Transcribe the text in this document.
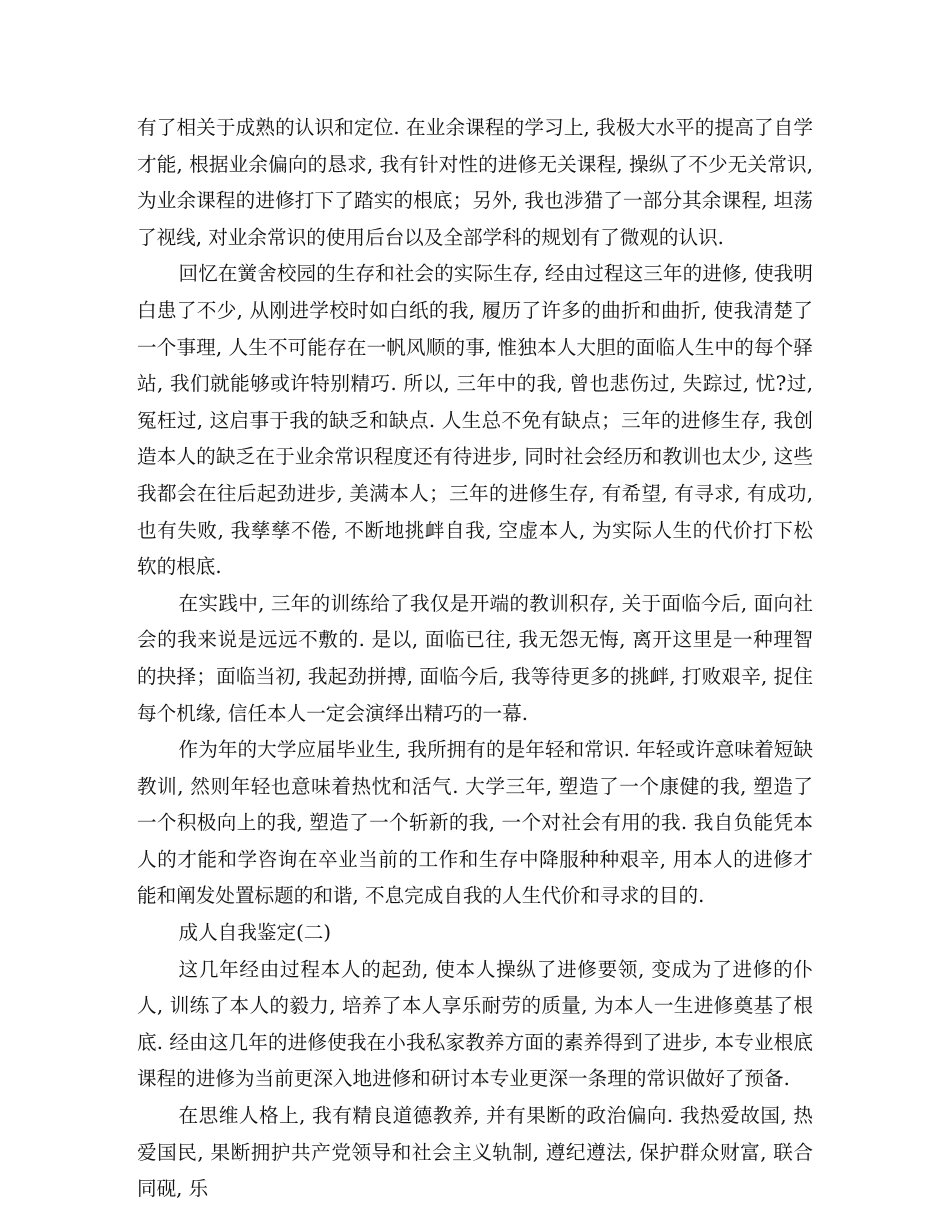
有了相关于成熟的认识和定位. 在业余课程的学习上, 我极大水平的提高了自学才能, 根据业余偏向的恳求, 我有针对性的进修无关课程, 操纵了不少无关常识, 为业余课程的进修打下了踏实的根底；另外, 我也涉猎了一部分其余课程, 坦荡了视线, 对业余常识的使用后台以及全部学科的规划有了微观的认识.

回忆在黉舍校园的生存和社会的实际生存, 经由过程这三年的进修, 使我明白患了不少, 从刚进学校时如白纸的我, 履历了许多的曲折和曲折, 使我清楚了一个事理, 人生不可能存在一帆风顺的事, 惟独本人大胆的面临人生中的每个驿站, 我们就能够或许特别精巧. 所以, 三年中的我, 曾也悲伤过, 失踪过, 忧?过, 冤枉过, 这启事于我的缺乏和缺点. 人生总不免有缺点；三年的进修生存, 我创造本人的缺乏在于业余常识程度还有待进步, 同时社会经历和教训也太少, 这些我都会在往后起劲进步, 美满本人；三年的进修生存, 有希望, 有寻求, 有成功, 也有失败, 我孳孳不倦, 不断地挑衅自我, 空虚本人, 为实际人生的代价打下松软的根底.

在实践中, 三年的训练给了我仅是开端的教训积存, 关于面临今后, 面向社会的我来说是远远不敷的. 是以, 面临已往, 我无怨无悔, 离开这里是一种理智的抉择；面临当初, 我起劲拼搏, 面临今后, 我等待更多的挑衅, 打败艰辛, 捉住每个机缘, 信任本人一定会演绎出精巧的一幕.

作为年的大学应届毕业生, 我所拥有的是年轻和常识. 年轻或许意味着短缺教训, 然则年轻也意味着热忱和活气. 大学三年, 塑造了一个康健的我, 塑造了一个积极向上的我, 塑造了一个斩新的我, 一个对社会有用的我. 我自负能凭本人的才能和学咨询在卒业当前的工作和生存中降服种种艰辛, 用本人的进修才能和阐发处置标题的和谐, 不息完成自我的人生代价和寻求的目的.

成人自我鉴定(二)

这几年经由过程本人的起劲, 使本人操纵了进修要领, 变成为了进修的仆人, 训练了本人的毅力, 培养了本人享乐耐劳的质量, 为本人一生进修奠基了根底. 经由这几年的进修使我在小我私家教养方面的素养得到了进步, 本专业根底课程的进修为当前更深入地进修和研讨本专业更深一条理的常识做好了预备.

在思维人格上, 我有精良道德教养, 并有果断的政治偏向. 我热爱故国, 热爱国民, 果断拥护共产党领导和社会主义轨制, 遵纪遵法, 保护群众财富, 联合同砚, 乐
